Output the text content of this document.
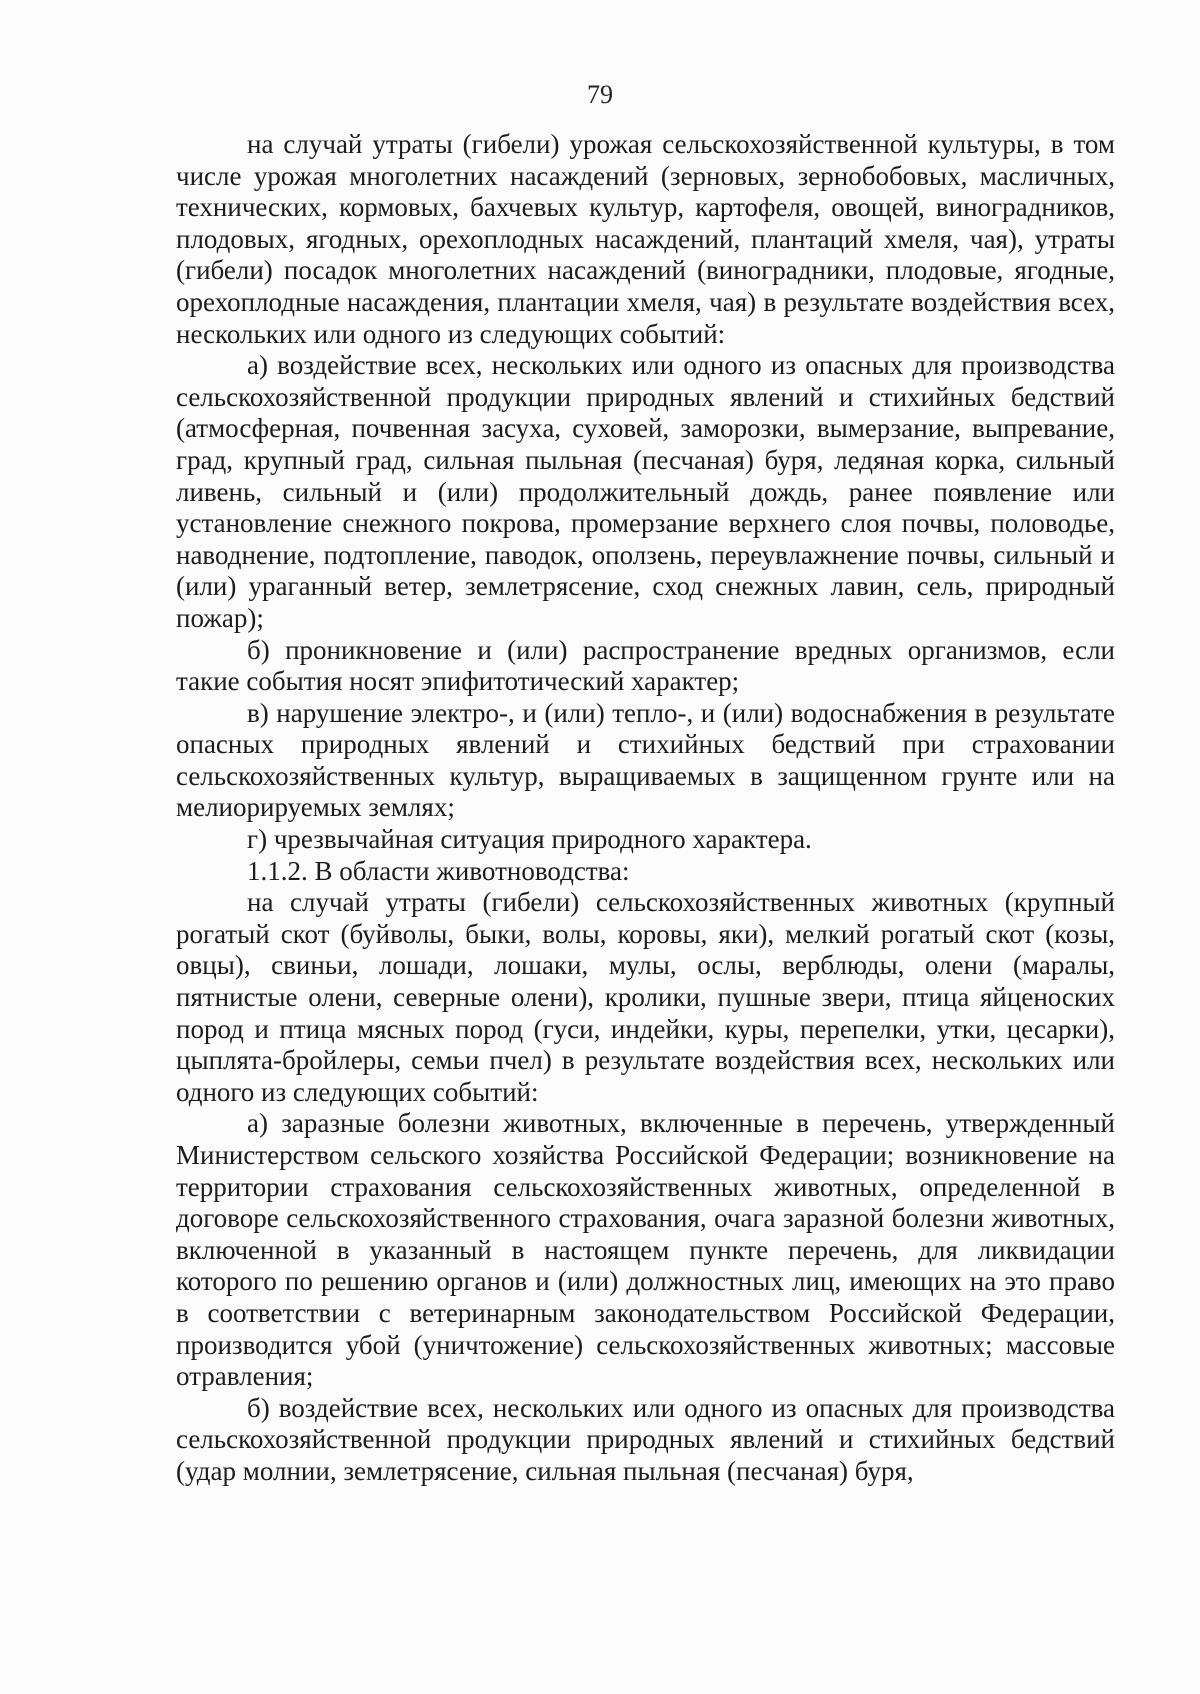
79

на случай утраты (гибели) урожая сельскохозяйственной культуры, в том числе урожая многолетних насаждений (зерновых, зернобобовых, масличных, технических, кормовых, бахчевых культур, картофеля, овощей, виноградников, плодовых, ягодных, орехоплодных насаждений, плантаций хмеля, чая), утраты (гибели) посадок многолетних насаждений (виноградники, плодовые, ягодные, орехоплодные насаждения, плантации хмеля, чая) в результате воздействия всех, нескольких или одного из следующих событий:

а) воздействие всех, нескольких или одного из опасных для производства сельскохозяйственной продукции природных явлений и стихийных бедствий (атмосферная, почвенная засуха, суховей, заморозки, вымерзание, выпревание, град, крупный град, сильная пыльная (песчаная) буря, ледяная корка, сильный ливень, сильный и (или) продолжительный дождь, ранее появление или установление снежного покрова, промерзание верхнего слоя почвы, половодье, наводнение, подтопление, паводок, оползень, переувлажнение почвы, сильный и (или) ураганный ветер, землетрясение, сход снежных лавин, сель, природный пожар);

б) проникновение и (или) распространение вредных организмов, если такие события носят эпифитотический характер;

в) нарушение электро-, и (или) тепло-, и (или) водоснабжения в результате опасных природных явлений и стихийных бедствий при страховании сельскохозяйственных культур, выращиваемых в защищенном грунте или на мелиорируемых землях;

г) чрезвычайная ситуация природного характера.

1.1.2. В области животноводства:

на случай утраты (гибели) сельскохозяйственных животных (крупный рогатый скот (буйволы, быки, волы, коровы, яки), мелкий рогатый скот (козы, овцы), свиньи, лошади, лошаки, мулы, ослы, верблюды, олени (маралы, пятнистые олени, северные олени), кролики, пушные звери, птица яйценоских пород и птица мясных пород (гуси, индейки, куры, перепелки, утки, цесарки), цыплята-бройлеры, семьи пчел) в результате воздействия всех, нескольких или одного из следующих событий:

а) заразные болезни животных, включенные в перечень, утвержденный Министерством сельского хозяйства Российской Федерации; возникновение на территории страхования сельскохозяйственных животных, определенной в договоре сельскохозяйственного страхования, очага заразной болезни животных, включенной в указанный в настоящем пункте перечень, для ликвидации которого по решению органов и (или) должностных лиц, имеющих на это право в соответствии с ветеринарным законодательством Российской Федерации, производится убой (уничтожение) сельскохозяйственных животных; массовые отравления;

б) воздействие всех, нескольких или одного из опасных для производства сельскохозяйственной продукции природных явлений и стихийных бедствий (удар молнии, землетрясение, сильная пыльная (песчаная) буря,
